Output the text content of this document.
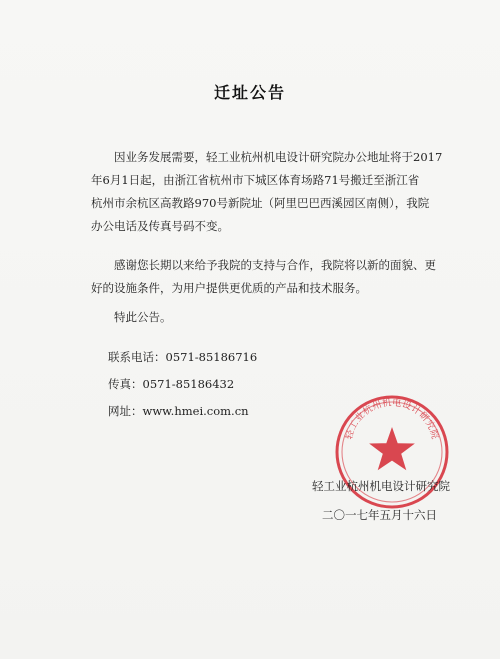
迁址公告
因业务发展需要，轻工业杭州机电设计研究院办公地址将于2017
年6月1日起，由浙江省杭州市下城区体育场路71号搬迁至浙江省
杭州市余杭区高教路970号新院址（阿里巴巴西溪园区南侧），我院
办公电话及传真号码不变。
感谢您长期以来给予我院的支持与合作，我院将以新的面貌、更
好的设施条件，为用户提供更优质的产品和技术服务。
特此公告。
联系电话：0571-85186716
传真：0571-85186432
网址：www.hmei.com.cn
轻工业杭州机电设计研究院
轻工业杭州机电设计研究院
二〇一七年五月十六日
